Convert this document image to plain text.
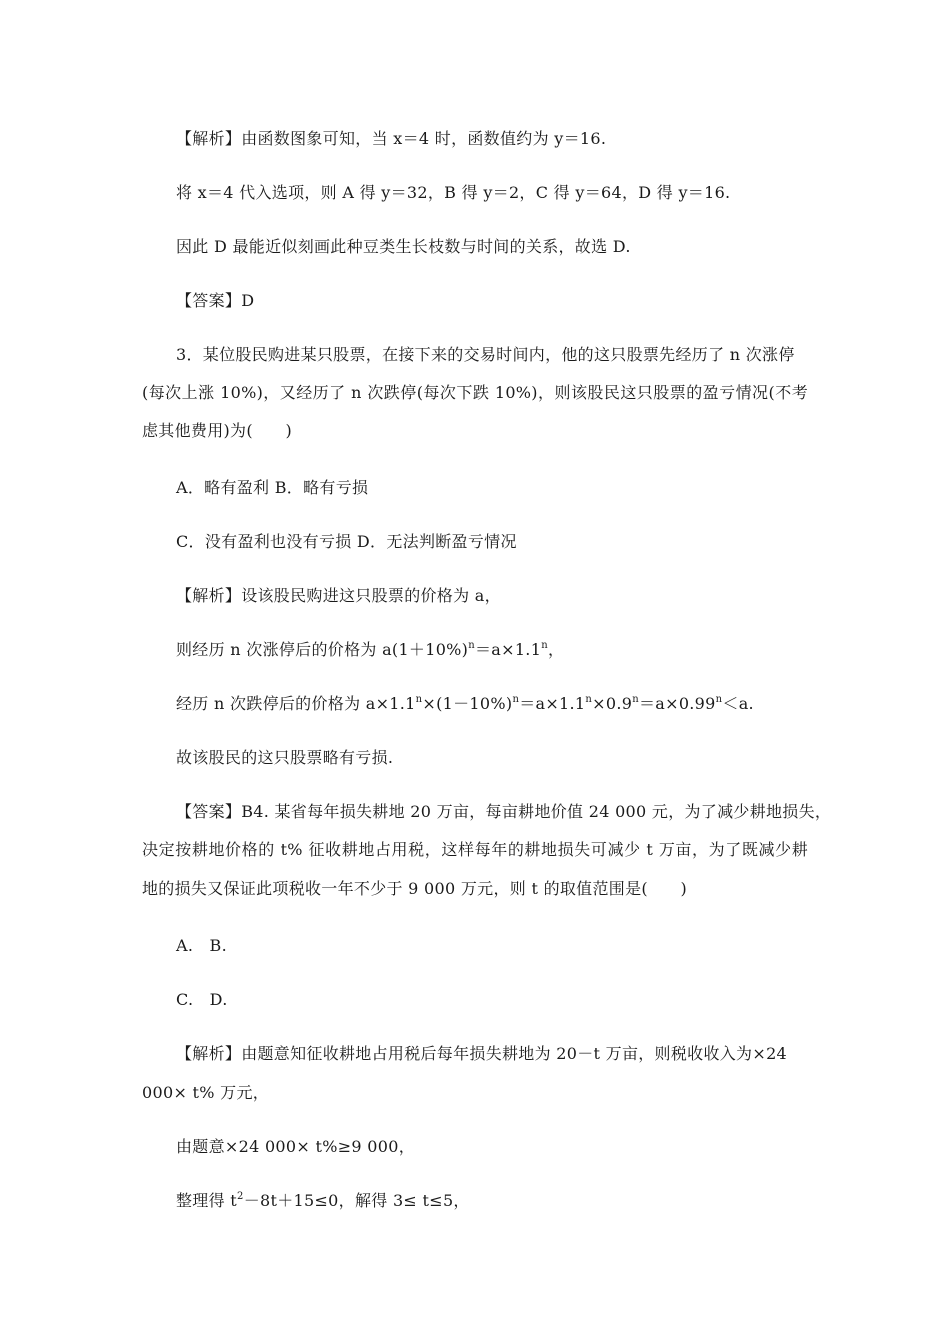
【解析】由函数图象可知，当 x＝4 时，函数值约为 y＝16.
将 x＝4 代入选项，则 A 得 y＝32，B 得 y＝2，C 得 y＝64，D 得 y＝16.
因此 D 最能近似刻画此种豆类生长枝数与时间的关系，故选 D.
【答案】D
3．某位股民购进某只股票，在接下来的交易时间内，他的这只股票先经历了 n 次涨停
(每次上涨 10%)，又经历了 n 次跌停(每次下跌 10%)，则该股民这只股票的盈亏情况(不考
虑其他费用)为(　　)
A．略有盈利 B．略有亏损
C．没有盈利也没有亏损 D．无法判断盈亏情况
【解析】设该股民购进这只股票的价格为 a，
则经历 n 次涨停后的价格为 $a(1+10\%)^n=a\times 1.1^n$，
经历 n 次跌停后的价格为 $a\times 1.1^n\times(1-10\%)^n=a\times 1.1^n\times 0.9^n=a\times 0.99^n<a$.
故该股民的这只股票略有亏损.
【答案】B4. 某省每年损失耕地 20 万亩，每亩耕地价值 24 000 元，为了减少耕地损失，
决定按耕地价格的 t% 征收耕地占用税，这样每年的耕地损失可减少 t 万亩，为了既减少耕
地的损失又保证此项税收一年不少于 9 000 万元，则 t 的取值范围是(　　)
A.　B.
C.　D.
【解析】由题意知征收耕地占用税后每年损失耕地为 20－t 万亩，则税收收入为×24
000× t% 万元，
由题意×24 000× t%≥9 000，
整理得 $t^2-8t+15\le 0$，解得 3≤ t≤5，
